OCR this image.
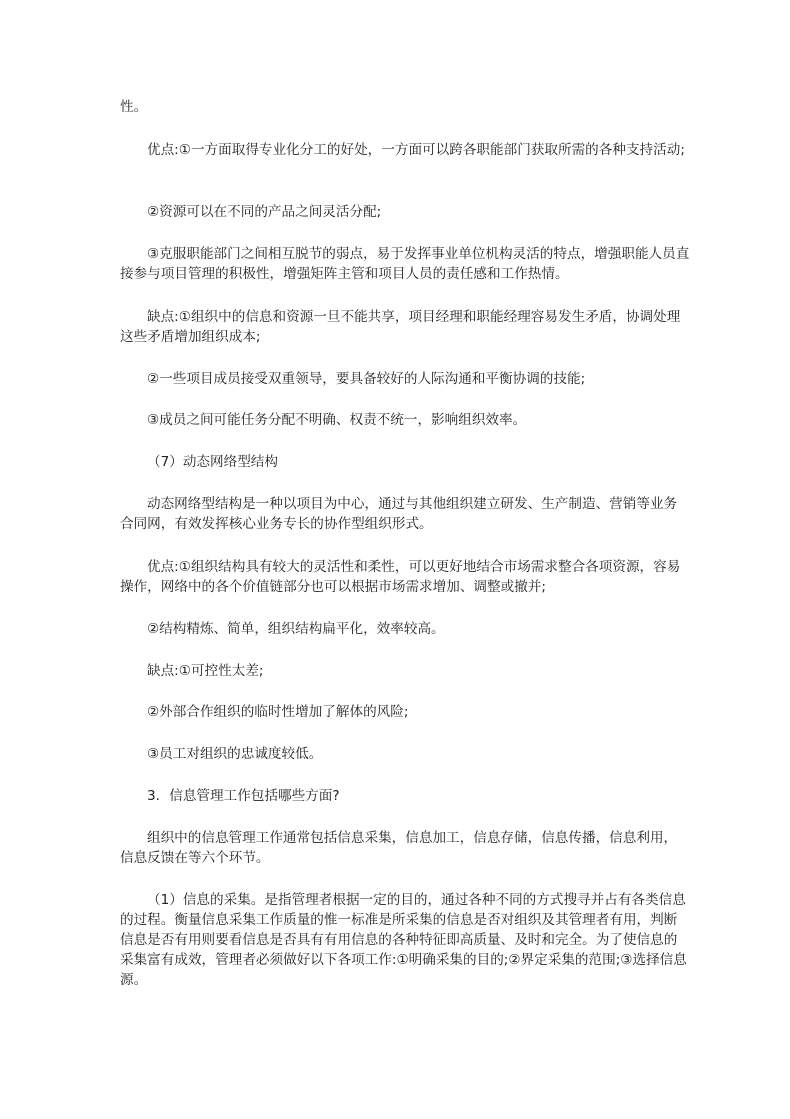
性。

优点:①一方面取得专业化分工的好处，一方面可以跨各职能部门获取所需的各种支持活动;

②资源可以在不同的产品之间灵活分配;

③克服职能部门之间相互脱节的弱点，易于发挥事业单位机构灵活的特点，增强职能人员直接参与项目管理的积极性，增强矩阵主管和项目人员的责任感和工作热情。

缺点:①组织中的信息和资源一旦不能共享，项目经理和职能经理容易发生矛盾，协调处理这些矛盾增加组织成本;

②一些项目成员接受双重领导，要具备较好的人际沟通和平衡协调的技能;

③成员之间可能任务分配不明确、权责不统一，影响组织效率。

（7）动态网络型结构

动态网络型结构是一种以项目为中心，通过与其他组织建立研发、生产制造、营销等业务合同网，有效发挥核心业务专长的协作型组织形式。

优点:①组织结构具有较大的灵活性和柔性，可以更好地结合市场需求整合各项资源，容易操作，网络中的各个价值链部分也可以根据市场需求增加、调整或撤并;

②结构精炼、简单，组织结构扁平化，效率较高。

缺点:①可控性太差;

②外部合作组织的临时性增加了解体的风险;

③员工对组织的忠诚度较低。

3．信息管理工作包括哪些方面?

组织中的信息管理工作通常包括信息采集，信息加工，信息存储，信息传播，信息利用，信息反馈在等六个环节。

（1）信息的采集。是指管理者根据一定的目的，通过各种不同的方式搜寻并占有各类信息的过程。衡量信息采集工作质量的惟一标准是所采集的信息是否对组织及其管理者有用，判断信息是否有用则要看信息是否具有有用信息的各种特征即高质量、及时和完全。为了使信息的采集富有成效，管理者必须做好以下各项工作:①明确采集的目的;②界定采集的范围;③选择信息源。
